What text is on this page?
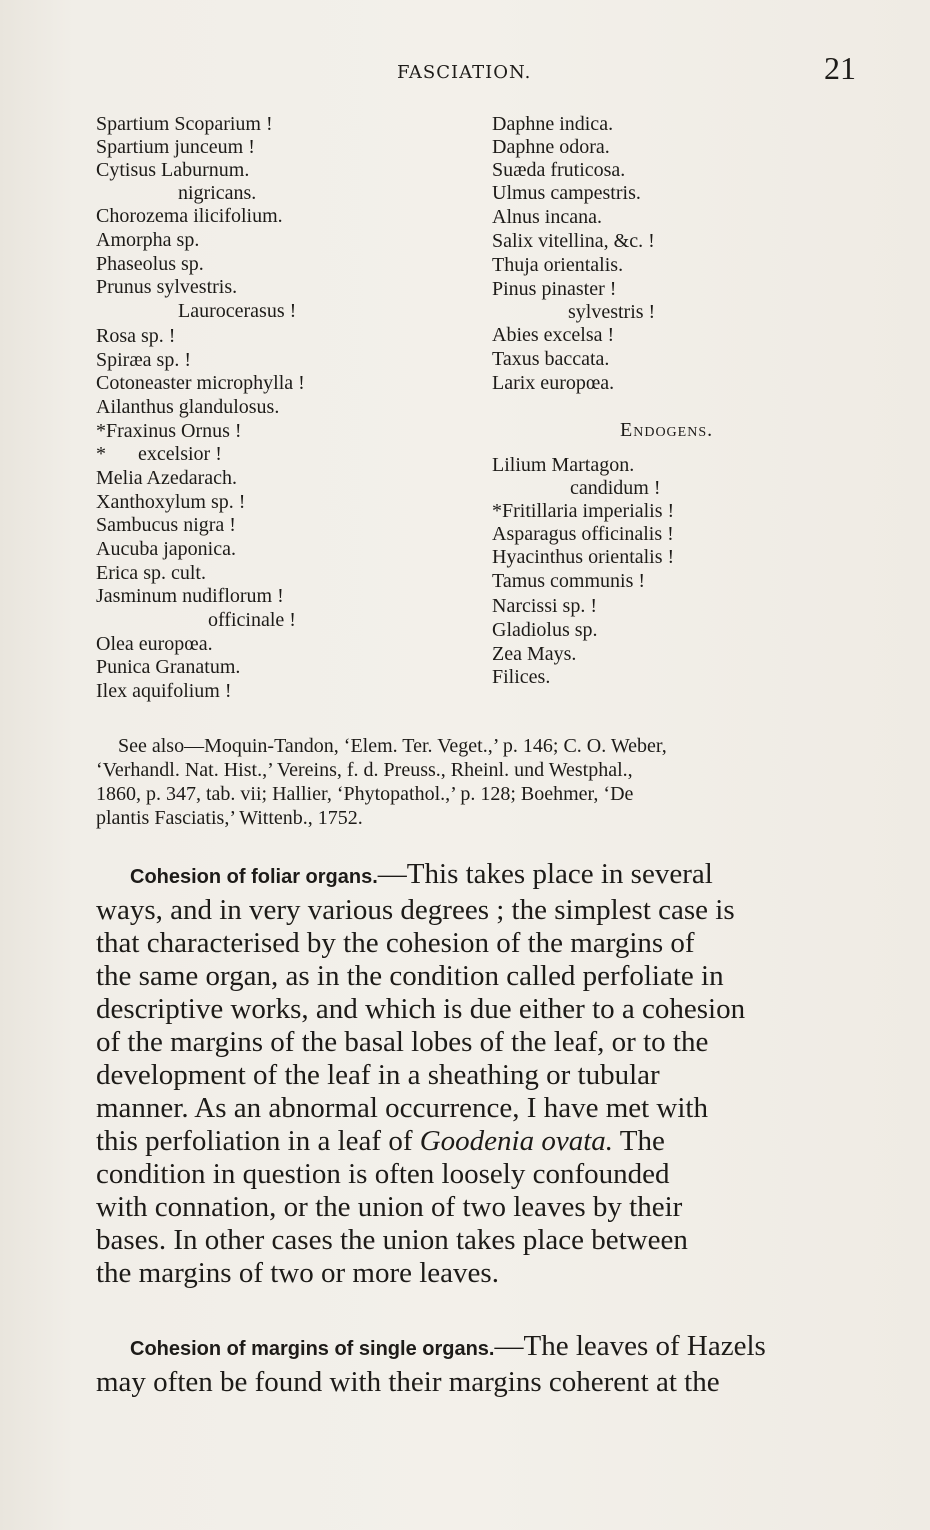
FASCIATION.	21
Spartium Scoparium !
Spartium junceum !
Cytisus Laburnum.
nigricans.
Chorozema ilicifolium.
Amorpha sp.
Phaseolus sp.
Prunus sylvestris.
Laurocerasus !
Rosa sp. !
Spiræa sp. !
Cotoneaster microphylla !
Ailanthus glandulosus.
*Fraxinus Ornus !
* excelsior !
Melia Azedarach.
Xanthoxylum sp. !
Sambucus nigra !
Aucuba japonica.
Erica sp. cult.
Jasminum nudiflorum !
officinale !
Olea europœa.
Punica Granatum.
Ilex aquifolium !
Daphne indica.
Daphne odora.
Suæda fruticosa.
Ulmus campestris.
Alnus incana.
Salix vitellina, &c. !
Thuja orientalis.
Pinus pinaster !
sylvestris !
Abies excelsa !
Taxus baccata.
Larix europœa.
Endogens.
Lilium Martagon.
candidum !
*Fritillaria imperialis !
Asparagus officinalis !
Hyacinthus orientalis !
Tamus communis !
Narcissi sp. !
Gladiolus sp.
Zea Mays.
Filices.
See also—Moquin-Tandon, ‘Elem. Ter. Veget.,’ p. 146; C. O. Weber,
‘Verhandl. Nat. Hist.,’ Vereins, f. d. Preuss., Rheinl. und Westphal.,
1860, p. 347, tab. vii; Hallier, ‘Phytopathol.,’ p. 128; Boehmer, ‘De
plantis Fasciatis,’ Wittenb., 1752.
Cohesion of foliar organs.—This takes place in several
ways, and in very various degrees ; the simplest case is
that characterised by the cohesion of the margins of
the same organ, as in the condition called perfoliate in
descriptive works, and which is due either to a cohesion
of the margins of the basal lobes of the leaf, or to the
development of the leaf in a sheathing or tubular
manner. As an abnormal occurrence, I have met with
this perfoliation in a leaf of Goodenia ovata. The
condition in question is often loosely confounded
with connation, or the union of two leaves by their
bases. In other cases the union takes place between
the margins of two or more leaves.
Cohesion of margins of single organs.—The leaves of Hazels
may often be found with their margins coherent at the
